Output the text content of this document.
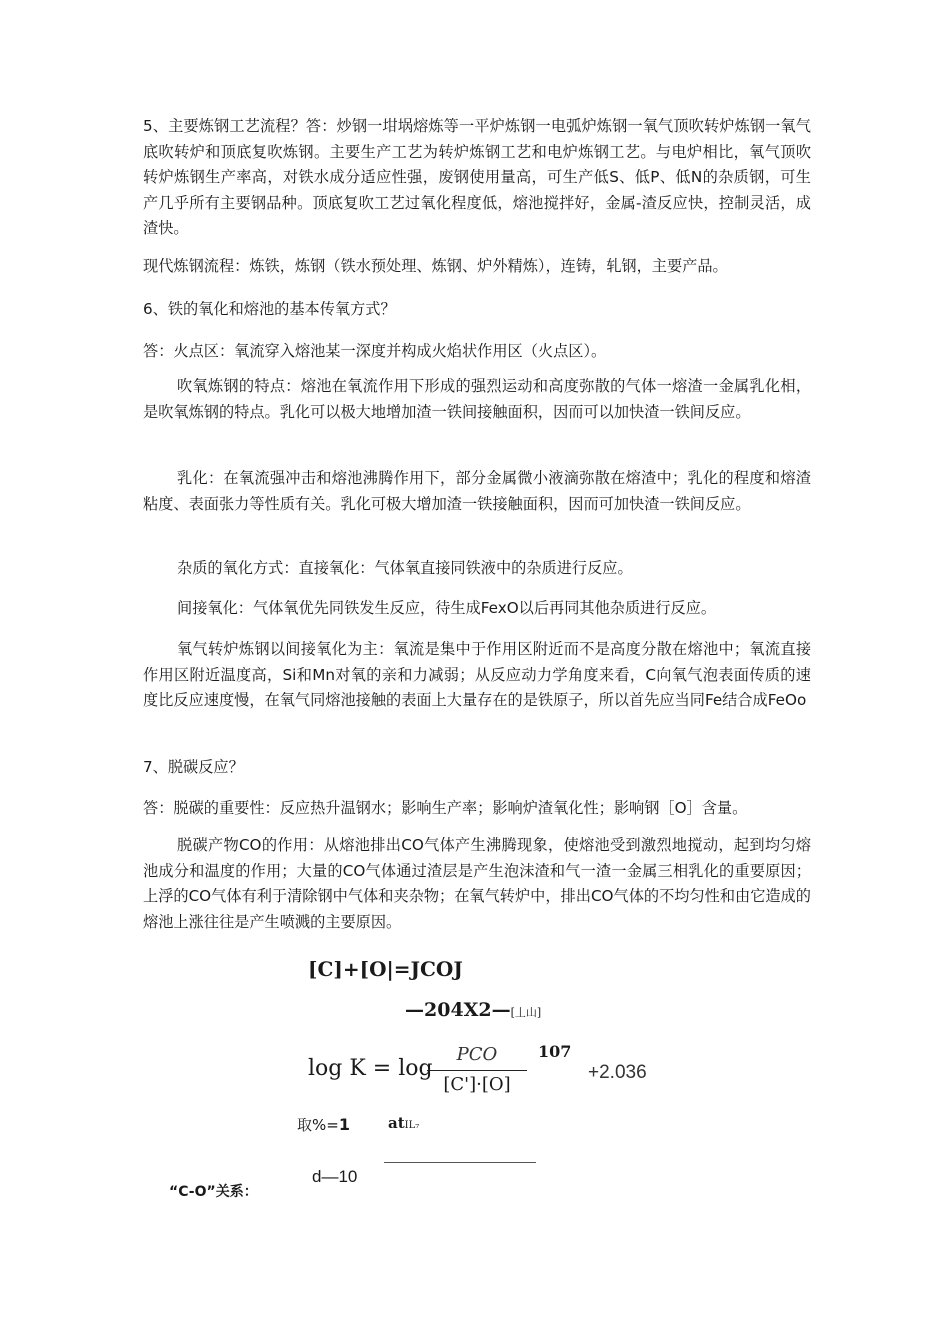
5、主要炼钢工艺流程？答：炒钢一坩埚熔炼等一平炉炼钢一电弧炉炼钢一氧气顶吹转炉炼钢一氧气底吹转炉和顶底复吹炼钢。主要生产工艺为转炉炼钢工艺和电炉炼钢工艺。与电炉相比，氧气顶吹转炉炼钢生产率高，对铁水成分适应性强，废钢使用量高，可生产低S、低P、低N的杂质钢，可生产几乎所有主要钢品种。顶底复吹工艺过氧化程度低，熔池搅拌好，金属-渣反应快，控制灵活，成渣快。

现代炼钢流程：炼铁，炼钢（铁水预处理、炼钢、炉外精炼），连铸，轧钢，主要产品。

6、铁的氧化和熔池的基本传氧方式？

答：火点区：氧流穿入熔池某一深度并构成火焰状作用区（火点区）。

吹氧炼钢的特点：熔池在氧流作用下形成的强烈运动和高度弥散的气体一熔渣一金属乳化相，是吹氧炼钢的特点。乳化可以极大地增加渣一铁间接触面积，因而可以加快渣一铁间反应。

乳化：在氧流强冲击和熔池沸腾作用下，部分金属微小液滴弥散在熔渣中；乳化的程度和熔渣粘度、表面张力等性质有关。乳化可极大增加渣一铁接触面积，因而可加快渣一铁间反应。

杂质的氧化方式：直接氧化：气体氧直接同铁液中的杂质进行反应。

间接氧化：气体氧优先同铁发生反应，待生成FexO以后再同其他杂质进行反应。

氧气转炉炼钢以间接氧化为主：氧流是集中于作用区附近而不是高度分散在熔池中；氧流直接作用区附近温度高，Si和Mn对氧的亲和力减弱；从反应动力学角度来看，C向氧气泡表面传质的速度比反应速度慢，在氧气同熔池接触的表面上大量存在的是铁原子，所以首先应当同Fe结合成FeOo

7、脱碳反应？

答：脱碳的重要性：反应热升温钢水；影响生产率；影响炉渣氧化性；影响钢［O］含量。

脱碳产物CO的作用：从熔池排出CO气体产生沸腾现象，使熔池受到激烈地搅动，起到均匀熔池成分和温度的作用；大量的CO气体通过渣层是产生泡沫渣和气一渣一金属三相乳化的重要原因；上浮的CO气体有利于清除钢中气体和夹杂物；在氧气转炉中，排出CO气体的不均匀性和由它造成的熔池上涨往往是产生喷溅的主要原因。

[C]+[O|=JCOJ
—204X2—[丄山]
log K = log
PCO
[C']·[O]
107
+2.036
取%=1	atIL₇
d—10
“C-O”关系：
